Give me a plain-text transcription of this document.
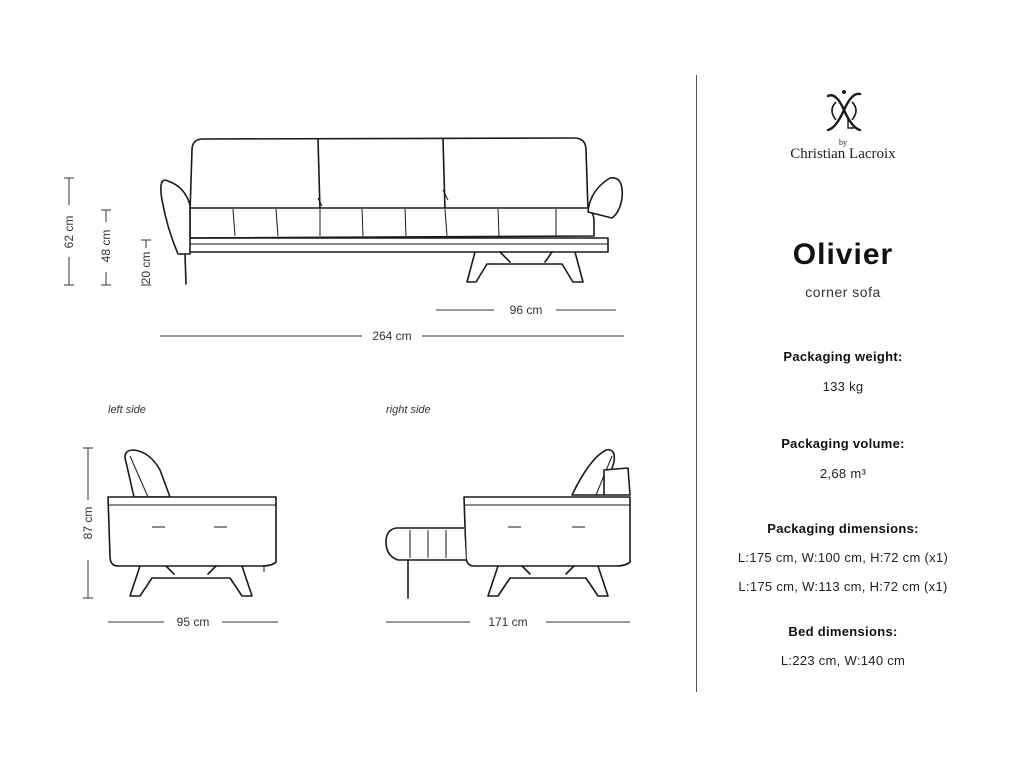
62 cm 48 cm
20 cm
96 cm
264 cm
87 cm
95 cm	171 cm
left side	right side
by
Christian Lacroix
Olivier
corner sofa
Packaging weight:
133 kg
Packaging volume:
2,68 m³
Packaging dimensions:
L:175 cm, W:100 cm, H:72 cm (x1)
L:175 cm, W:113 cm, H:72 cm (x1)
Bed dimensions:
L:223 cm, W:140 cm
